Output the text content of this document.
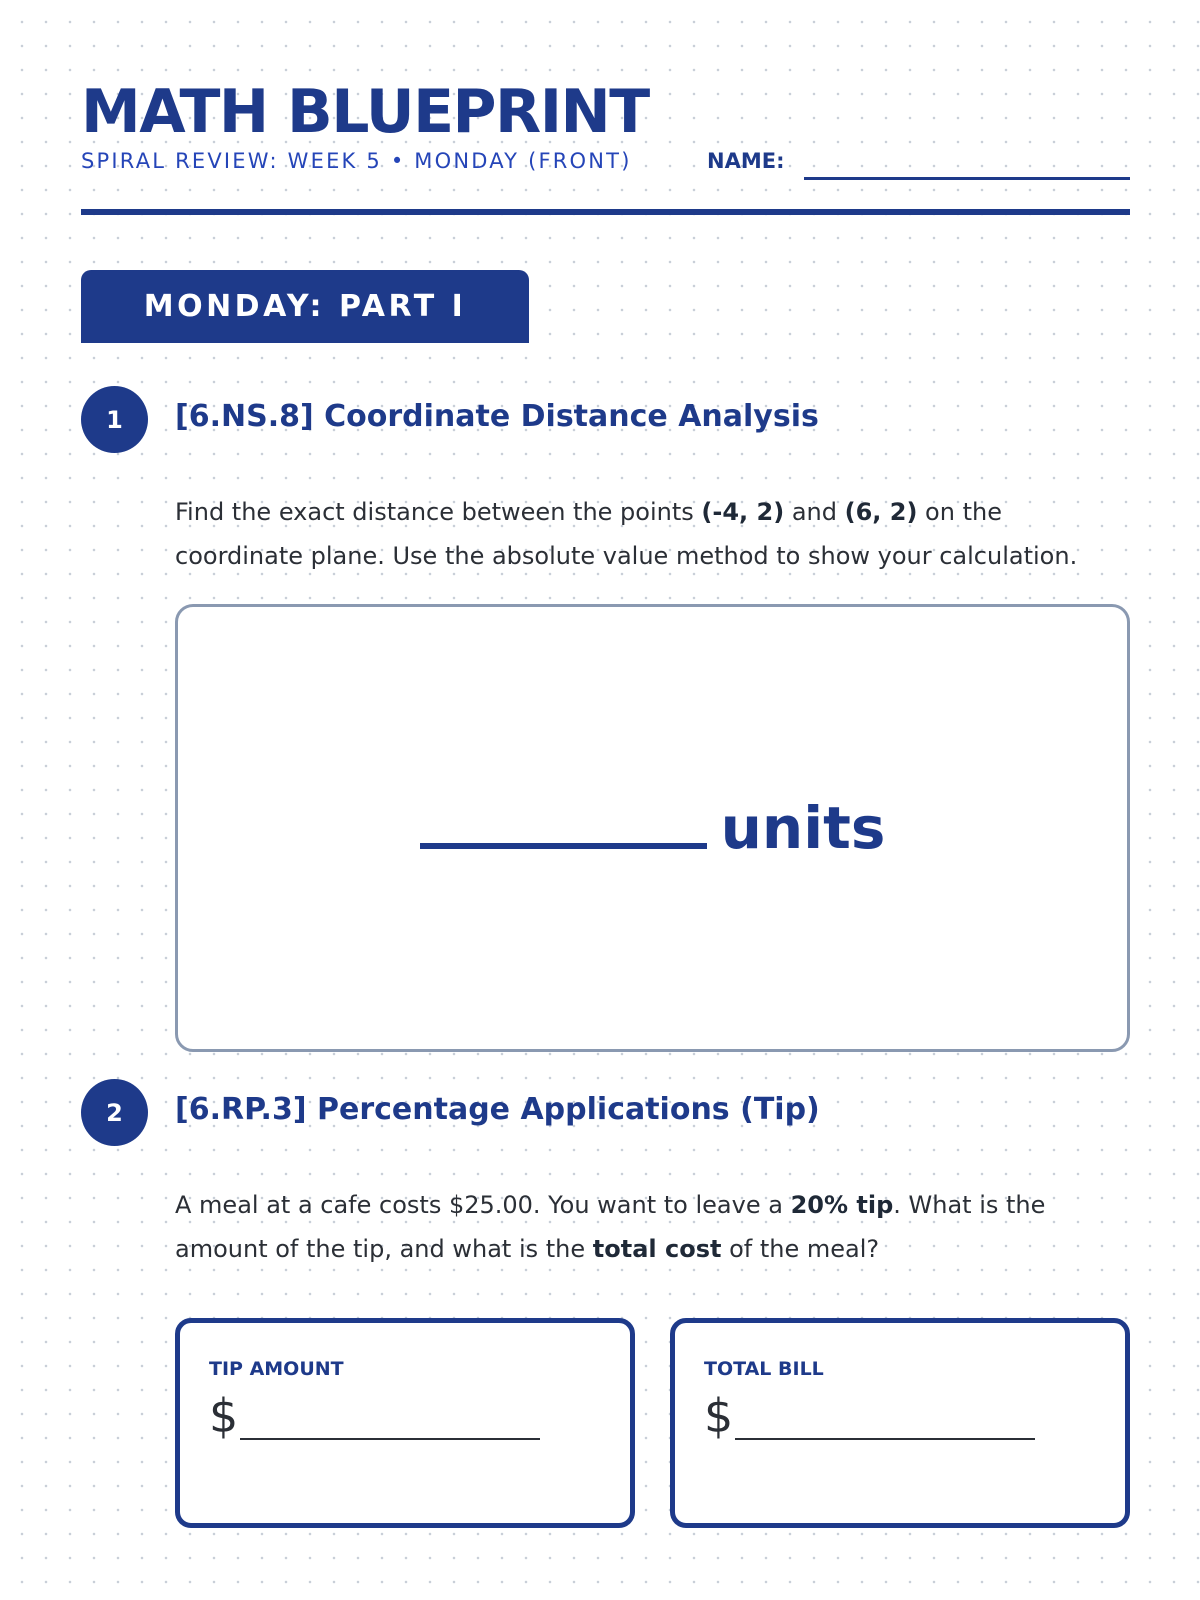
MATH BLUEPRINT
SPIRAL REVIEW: WEEK 5 • MONDAY (FRONT)	NAME:
MONDAY: PART I
1	[6.NS.8] Coordinate Distance Analysis

Find the exact distance between the points (-4, 2) and (6, 2) on the coordinate plane. Use the absolute value method to show your calculation.

units
2	[6.RP.3] Percentage Applications (Tip)

A meal at a cafe costs $25.00. You want to leave a 20% tip. What is the amount of the tip, and what is the total cost of the meal?

TIP AMOUNT
$
TOTAL BILL
$
